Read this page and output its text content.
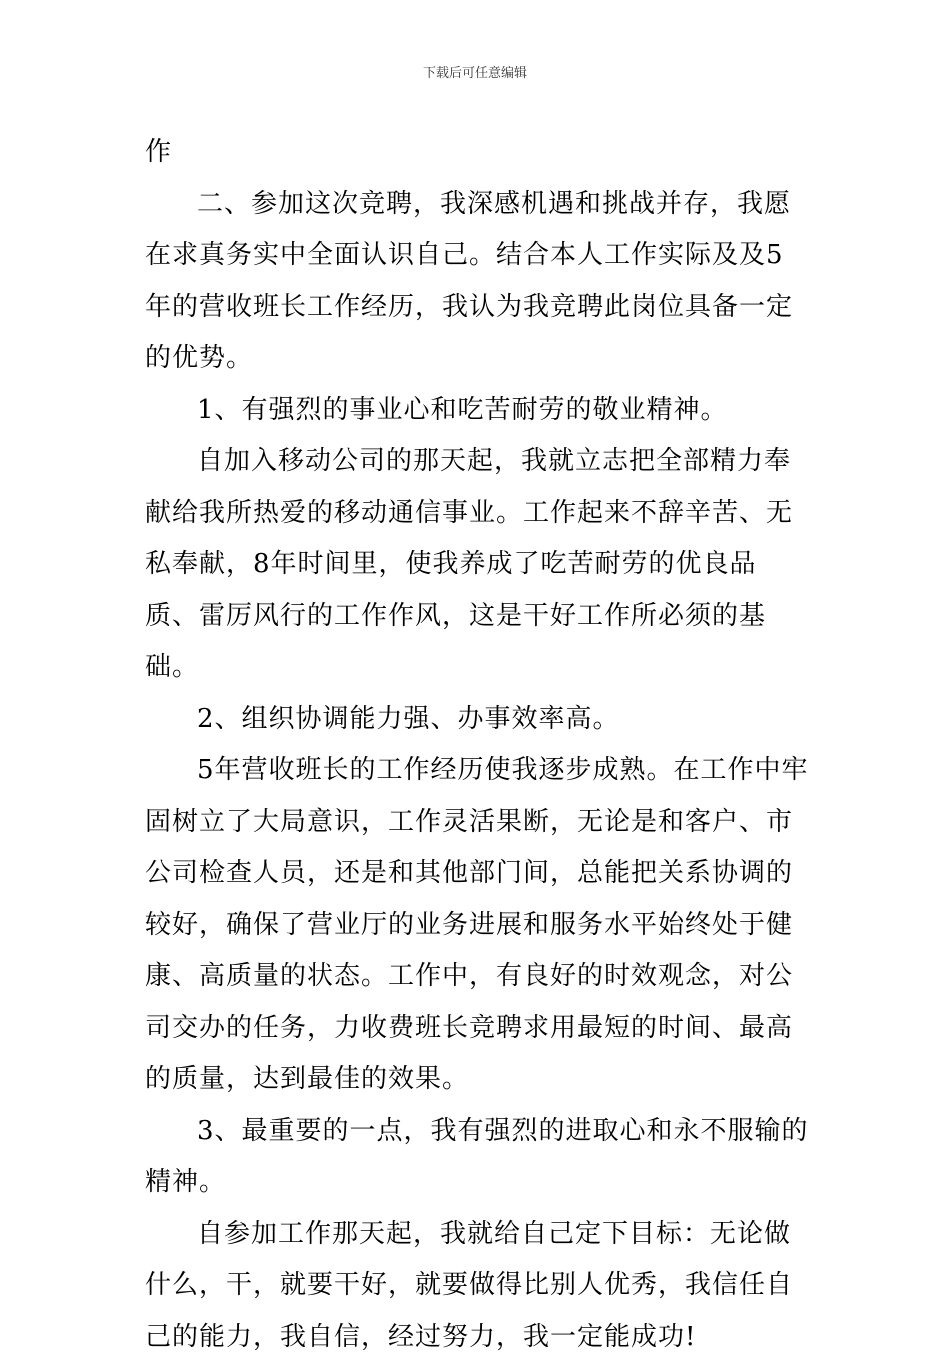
下载后可任意编辑

作

二、参加这次竞聘，我深感机遇和挑战并存，我愿在求真务实中全面认识自己。结合本人工作实际及及5年的营收班长工作经历，我认为我竞聘此岗位具备一定的优势。

1、有强烈的事业心和吃苦耐劳的敬业精神。

自加入移动公司的那天起，我就立志把全部精力奉献给我所热爱的移动通信事业。工作起来不辞辛苦、无私奉献，8年时间里，使我养成了吃苦耐劳的优良品质、雷厉风行的工作作风，这是干好工作所必须的基础。

2、组织协调能力强、办事效率高。

5年营收班长的工作经历使我逐步成熟。在工作中牢固树立了大局意识，工作灵活果断，无论是和客户、市公司检查人员，还是和其他部门间，总能把关系协调的较好，确保了营业厅的业务进展和服务水平始终处于健康、高质量的状态。工作中，有良好的时效观念，对公司交办的任务，力收费班长竞聘求用最短的时间、最高的质量，达到最佳的效果。

3、最重要的一点，我有强烈的进取心和永不服输的精神。

自参加工作那天起，我就给自己定下目标：无论做什么，干，就要干好，就要做得比别人优秀，我信任自己的能力，我自信，经过努力，我一定能成功!
